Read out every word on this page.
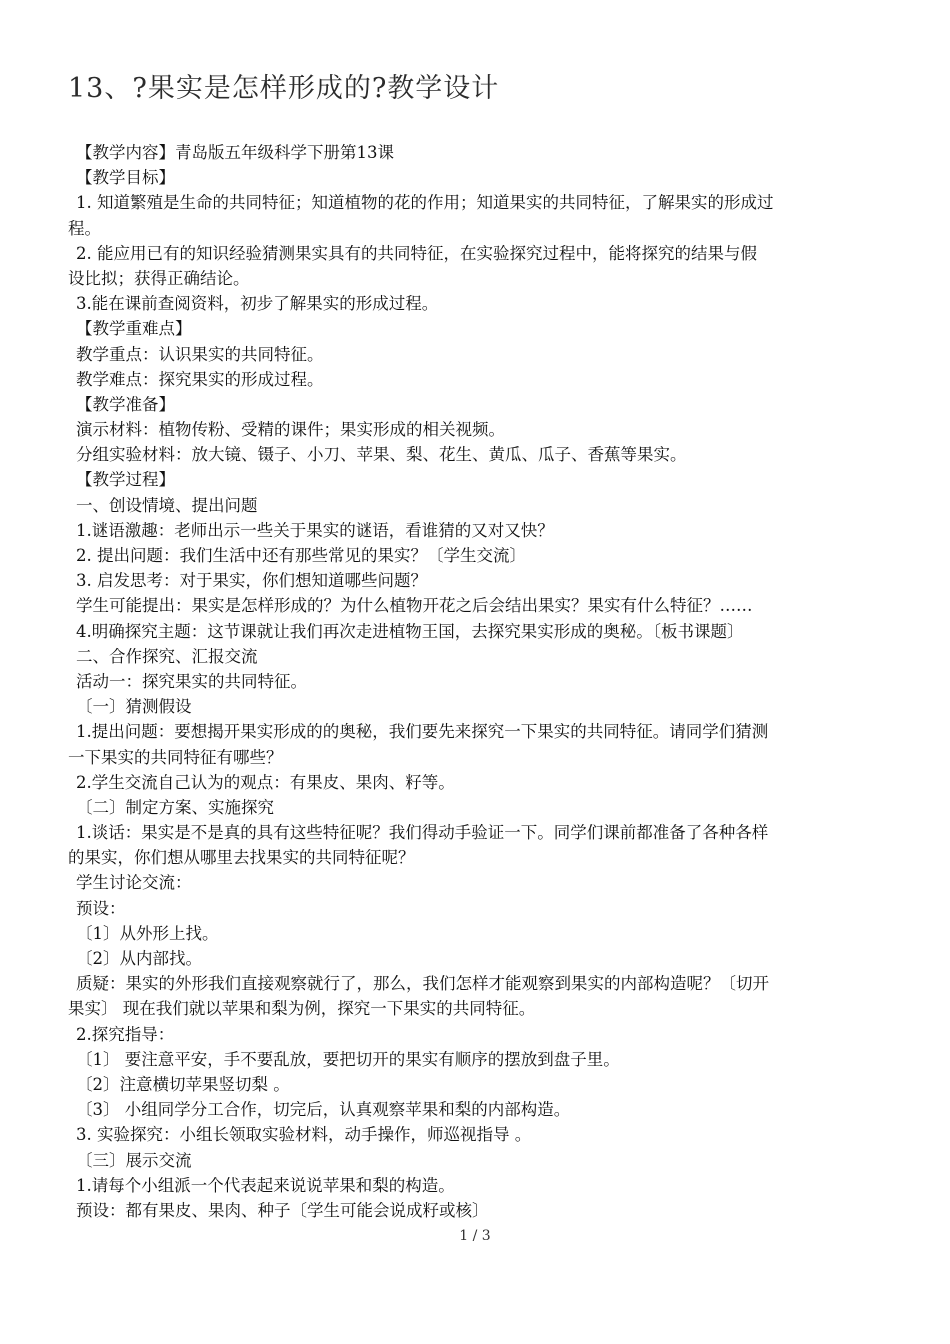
13、?果实是怎样形成的?教学设计
【教学内容】青岛版五年级科学下册第13课
【教学目标】
1. 知道繁殖是生命的共同特征；知道植物的花的作用；知道果实的共同特征，了解果实的形成过
程。
2. 能应用已有的知识经验猜测果实具有的共同特征，在实验探究过程中，能将探究的结果与假
设比拟；获得正确结论。
3.能在课前查阅资料，初步了解果实的形成过程。
【教学重难点】
教学重点：认识果实的共同特征。
教学难点：探究果实的形成过程。
【教学准备】
演示材料：植物传粉、受精的课件；果实形成的相关视频。
分组实验材料：放大镜、镊子、小刀、苹果、梨、花生、黄瓜、瓜子、香蕉等果实。
【教学过程】
一、创设情境、提出问题
1.谜语激趣：老师出示一些关于果实的谜语，看谁猜的又对又快？
2. 提出问题：我们生活中还有那些常见的果实？〔学生交流〕
3. 启发思考：对于果实，你们想知道哪些问题？
学生可能提出：果实是怎样形成的？为什么植物开花之后会结出果实？果实有什么特征？……
4.明确探究主题：这节课就让我们再次走进植物王国，去探究果实形成的奥秘。〔板书课题〕
二、合作探究、汇报交流
活动一：探究果实的共同特征。
〔一〕猜测假设
1.提出问题：要想揭开果实形成的的奥秘，我们要先来探究一下果实的共同特征。请同学们猜测
一下果实的共同特征有哪些？
2.学生交流自己认为的观点：有果皮、果肉、籽等。
〔二〕制定方案、实施探究
1.谈话：果实是不是真的具有这些特征呢？我们得动手验证一下。同学们课前都准备了各种各样
的果实，你们想从哪里去找果实的共同特征呢？
学生讨论交流：
预设：
〔1〕从外形上找。
〔2〕从内部找。
质疑：果实的外形我们直接观察就行了，那么，我们怎样才能观察到果实的内部构造呢？〔切开
果实〕 现在我们就以苹果和梨为例，探究一下果实的共同特征。
2.探究指导：
〔1〕 要注意平安，手不要乱放，要把切开的果实有顺序的摆放到盘子里。
〔2〕注意横切苹果竖切梨 。
〔3〕 小组同学分工合作，切完后，认真观察苹果和梨的内部构造。
3. 实验探究：小组长领取实验材料，动手操作，师巡视指导 。
〔三〕展示交流
1.请每个小组派一个代表起来说说苹果和梨的构造。
预设：都有果皮、果肉、种子〔学生可能会说成籽或核〕
1 / 3
